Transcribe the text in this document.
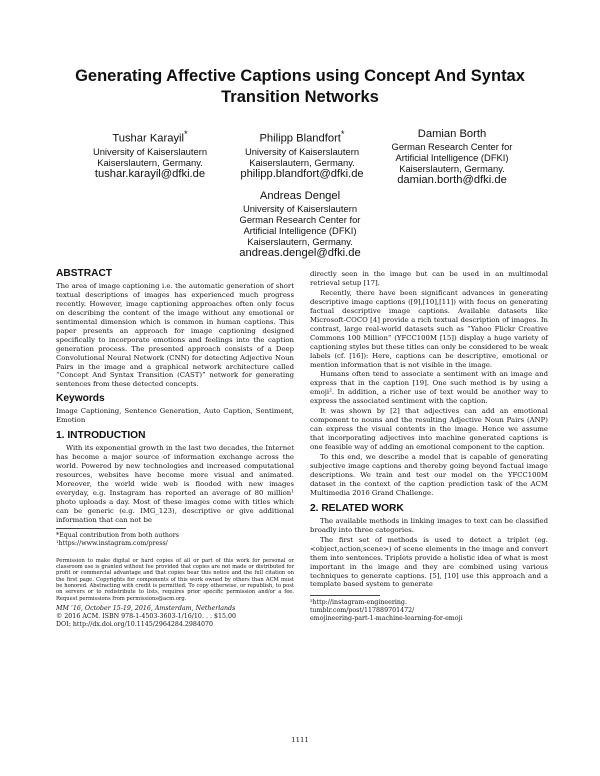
Generating Affective Captions using Concept And Syntax Transition Networks
Tushar Karayil*
University of Kaiserslautern
Kaiserslautern, Germany.
tushar.karayil@dfki.de
Philipp Blandfort*
University of Kaiserslautern
Kaiserslautern, Germany.
philipp.blandfort@dfki.de
Damian Borth
German Research Center for
Artificial Intelligence (DFKI)
Kaiserslautern, Germany.
damian.borth@dfki.de
Andreas Dengel
University of Kaiserslautern
German Research Center for
Artificial Intelligence (DFKI)
Kaiserslautern, Germany.
andreas.dengel@dfki.de
ABSTRACT

The area of image captioning i.e. the automatic generation of short textual descriptions of images has experienced much progress recently. However, image captioning approaches often only focus on describing the content of the image without any emotional or sentimental dimension which is common in human captions. This paper presents an approach for image captioning designed specifically to incorporate emotions and feelings into the caption generation process. The presented approach consists of a Deep Convolutional Neural Network (CNN) for detecting Adjective Noun Pairs in the image and a graphical network architecture called “Concept And Syntax Transition (CAST)” network for generating sentences from these detected concepts.

Keywords

Image Captioning, Sentence Generation, Auto Caption, Sentiment, Emotion

1. INTRODUCTION

With its exponential growth in the last two decades, the Internet has become a major source of information exchange across the world. Powered by new technologies and increased computational resources, websites have become more visual and animated. Moreover, the world wide web is flooded with new images everyday, e.g. Instagram has reported an average of 80 million¹ photo uploads a day. Most of these images come with titles which can be generic (e.g. IMG_123), descriptive or give additional information that can not be

*Equal contribution from both authors
¹https://www.instagram.com/press/
Permission to make digital or hard copies of all or part of this work for personal or classroom use is granted without fee provided that copies are not made or distributed for profit or commercial advantage and that copies bear this notice and the full citation on the first page. Copyrights for components of this work owned by others than ACM must be honored. Abstracting with credit is permitted. To copy otherwise, or republish, to post on servers or to redistribute to lists, requires prior specific permission and/or a fee. Request permissions from permissions@acm.org.
MM ’16, October 15-19, 2016, Amsterdam, Netherlands
© 2016 ACM. ISBN 978-1-4503-3603-1/16/10. . . $15.00
DOI: http://dx.doi.org/10.1145/2964284.2984070

directly seen in the image but can be used in an multimodal retrieval setup [17].

Recently, there have been significant advances in generating descriptive image captions ([9],[10],[11]) with focus on generating factual descriptive image captions. Available datasets like Microsoft-COCO [4] provide a rich textual description of images. In contrast, large real-world datasets such as “Yahoo Flickr Creative Commons 100 Million” (YFCC100M [15]) display a huge variety of captioning styles but these titles can only be considered to be weak labels (cf. [16]): Here, captions can be descriptive, emotional or mention information that is not visible in the image.

Humans often tend to associate a sentiment with an image and express that in the caption [19]. One such method is by using a emoji². In addition, a richer use of text would be another way to express the associated sentiment with the caption.

It was shown by [2] that adjectives can add an emotional component to nouns and the resulting Adjective Noun Pairs (ANP) can express the visual contents in the image. Hence we assume that incorporating adjectives into machine generated captions is one feasible way of adding an emotional component to the caption.

To this end, we describe a model that is capable of generating subjective image captions and thereby going beyond factual image descriptions. We train and test our model on the YFCC100M dataset in the context of the caption prediction task of the ACM Multimedia 2016 Grand Challenge.

2. RELATED WORK

The available methods in linking images to text can be classified broadly into three categories.

The first set of methods is used to detect a triplet (eg. <object,action,scene>) of scene elements in the image and convert them into sentences. Triplets provide a holistic idea of what is most important in the image and they are combined using various techniques to generate captions. [5], [10] use this approach and a template based system to generate

²http://instagram-engineering.
tumblr.com/post/117889701472/
emojineering-part-1-machine-learning-for-emoji
1111
